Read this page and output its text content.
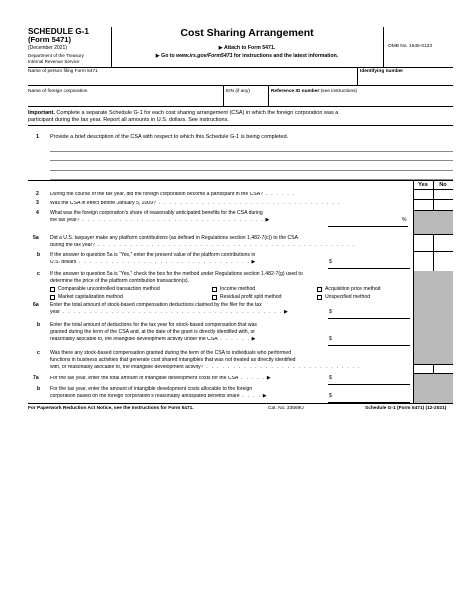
SCHEDULE G-1
(Form 5471)
(December 2021)
Department of the Treasury
Internal Revenue Service
Cost Sharing Arrangement
▶ Attach to Form 5471.
▶ Go to www.irs.gov/Form5471 for instructions and the latest information.
OMB No. 1545-0123
Name of person filing Form 5471	Identifying number
Name of foreign corporation	EIN (if any)	Reference ID number (see instructions)
Important. Complete a separate Schedule G-1 for each cost sharing arrangement (CSA) in which the foreign corporation was a
participant during the tax year. Report all amounts in U.S. dollars. See instructions.
1 Provide a brief description of the CSA with respect to which this Schedule G-1 is being completed.
Yes	No
2 During the course of the tax year, did the foreign corporation become a participant in the CSA? . . . . . .
3 Was the CSA in effect before January 5, 2009? . . . . . . . . . . . . . . . . . . . . . . . . . . . . . . . . . .
4 What was the foreign corporation's share of reasonably anticipated benefits for the CSA during
the tax year? . . . . . . . . . . . . . . . . . . . . . . . . . . . . . . . . . . ▶	%
5a Did a U.S. taxpayer make any platform contributions (as defined in Regulations section 1.482-7(c)) to the CSA
during the tax year? . . . . . . . . . . . . . . . . . . . . . . . . . . . . . . . . . . . . . . . . . . . . . . . .
b If the answer to question 5a is “Yes,” enter the present value of the platform contributions in
U.S. dollars . . . . . . . . . . . . . . . . . . . . . . . . . . . . . . . . ▶	$
c If the answer to question 5a is “Yes,” check the box for the method under Regulations section 1.482-7(g) used to
determine the price of the platform contribution transaction(s).
Comparable uncontrolled transaction method	Income method	Acquisition price method
Market capitalization method	Residual profit split method	Unspecified method
6a Enter the total amount of stock-based compensation deductions claimed by the filer for the tax
year . . . . . . . . . . . . . . . . . . . . . . . . . . . . . . . . . . . . . . . . . ▶	$
b Enter the total amount of deductions for the tax year for stock-based compensation that was
granted during the term of the CSA and, at the date of the grant is directly identified with, or
reasonably allocable to, the intangible development activity under the CSA . . . . . . ▶	$
c Was there any stock-based compensation granted during the term of the CSA to individuals who performed
functions in business activities that generate cost shared intangibles that was not treated as directly identified
with, or reasonably allocable to, the intangible development activity? . . . . . . . . . . . . . . . . . . . . . . . . . . . . .
7a For the tax year, enter the total amount of intangible development costs for the CSA . . . . . ▶	$
b For the tax year, enter the amount of intangible development costs allocable to the foreign
corporation based on the foreign corporation's reasonably anticipated benefits share . . . . ▶	$
For Paperwork Reduction Act Notice, see the Instructions for Form 5471.	Cat. No. 33569U	Schedule G-1 (Form 5471) (12-2021)
